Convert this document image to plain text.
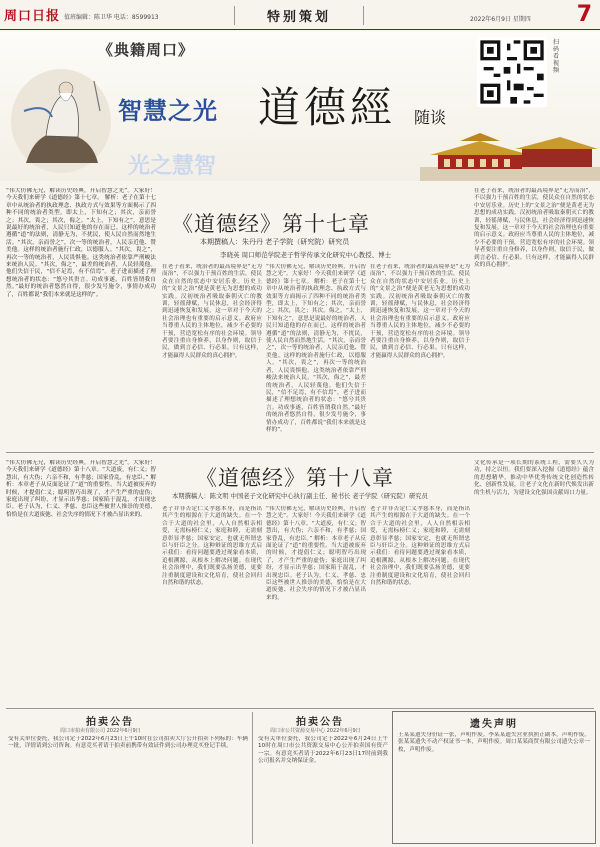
周口日报 值班编辑：陈卫华 电话：8599913	特别策划	2022年6月9日 星期四 7
《典籍周口》
智慧之光 道德經 随谈
光之慧智
扫码看视频
《道德经》第十七章
本期撰稿人：朱丹丹 老子学院（研究院）研究员
李晓英 周口师范学院老子哲学传承文化研究中心教授、博士
“伟大仿佛无兄，解读历史经典，开启智慧之光”。大家好！今天我们来研学《道德经》第十七章。 解析：老子在第十七章中从统治者的执政理念、执政方式与效果等方面揭示了四种不同的统治者类型，即太上，下知有之；其次，亲而誉之；其次，畏之；其次，侮之。“太上，下知有之”，意思是说最好的统治者，人民只知道他的存在而已。这样的统治者遵循“道”的法则，清静无为，不扰民，使人民自然而然地生活。“其次，亲而誉之”，次一等的统治者，人民亲近他、赞美他。这样的统治者施行仁政，以德服人。“其次，畏之”，再次一等的统治者，人民畏惧他。这类统治者依靠严刑峻法来统治人民。“其次，侮之”，最差的统治者，人民轻蔑他。他们失信于民，“信不足焉，有不信焉”。老子进而描述了理想统治者的状态：“悠兮其贵言。功成事遂，百姓皆谓我自然。”最好的统治者悠然自得，很少发号施令，事情办成功了，百姓都说“我们本来就是这样的”。
在老子看来，统治者的最高境界是“无为而治”，不以强力干预百姓的生活，使民众在自然的状态中安居乐业。历史上的“文景之治”便是黄老无为思想的成功实践。汉初统治者吸取秦朝灭亡的教训，轻徭薄赋，与民休息，社会经济得到迅速恢复和发展。这一章对于今天的社会治理也有重要的启示意义。政府应当尊重人民的主体地位，减少不必要的干预，营造宽松有序的社会环境。领导者要注重自身修养，以身作则，取信于民，做到言必信、行必果。只有这样，才能赢得人民群众的真心拥护。
“伟大仿佛无兄，解读历史经典，开启智慧之光”。大家好！今天我们来研学《道德经》第十七章。 解析：老子在第十七章中从统治者的执政理念、执政方式与效果等方面揭示了四种不同的统治者类型，即太上，下知有之；其次，亲而誉之；其次，畏之；其次，侮之。“太上，下知有之”，意思是说最好的统治者，人民只知道他的存在而已。这样的统治者遵循“道”的法则，清静无为，不扰民，使人民自然而然地生活。“其次，亲而誉之”，次一等的统治者，人民亲近他、赞美他。这样的统治者施行仁政，以德服人。“其次，畏之”，再次一等的统治者，人民畏惧他。这类统治者依靠严刑峻法来统治人民。“其次，侮之”，最差的统治者，人民轻蔑他。他们失信于民，“信不足焉，有不信焉”。老子进而描述了理想统治者的状态：“悠兮其贵言。功成事遂，百姓皆谓我自然。”最好的统治者悠然自得，很少发号施令，事情办成功了，百姓都说“我们本来就是这样的”。
在老子看来，统治者的最高境界是“无为而治”，不以强力干预百姓的生活，使民众在自然的状态中安居乐业。历史上的“文景之治”便是黄老无为思想的成功实践。汉初统治者吸取秦朝灭亡的教训，轻徭薄赋，与民休息，社会经济得到迅速恢复和发展。这一章对于今天的社会治理也有重要的启示意义。政府应当尊重人民的主体地位，减少不必要的干预，营造宽松有序的社会环境。领导者要注重自身修养，以身作则，取信于民，做到言必信、行必果。只有这样，才能赢得人民群众的真心拥护。
在老子看来，统治者的最高境界是“无为而治”，不以强力干预百姓的生活，使民众在自然的状态中安居乐业。历史上的“文景之治”便是黄老无为思想的成功实践。汉初统治者吸取秦朝灭亡的教训，轻徭薄赋，与民休息，社会经济得到迅速恢复和发展。这一章对于今天的社会治理也有重要的启示意义。政府应当尊重人民的主体地位，减少不必要的干预，营造宽松有序的社会环境。领导者要注重自身修养，以身作则，取信于民，做到言必信、行必果。只有这样，才能赢得人民群众的真心拥护。
《道德经》第十八章
本期撰稿人：陈文明 中国老子文化研究中心执行副主任、秘书长 老子学院（研究院）研究员
“伟大仿佛无兄，解读历史经典，开启智慧之光”。大家好！今天我们来研学《道德经》第十八章。“大道废，有仁义；智慧出，有大伪；六亲不和，有孝慈；国家昏乱，有忠臣。” 解析：本章老子从反面论证了“道”的重要性。当大道被废弃的时候，才提倡仁义；聪明智巧出现了，才产生严重的虚伪；家庭出现了纠纷，才显示出孝慈；国家陷于混乱，才出现忠臣。老子认为，仁义、孝慈、忠臣这些被世人推崇的美德，恰恰是在大道废弛、社会失序的情况下才被凸显出来的。
老子并非否定仁义孝慈本身，而是指出其产生的根源在于大道的缺失。在一个合于大道的社会里，人人自然相亲相爱，无需标榜仁义；家庭和睦，无需刻意彰显孝慈；国家安定，也就无所谓忠臣与奸臣之分。这种辩证的思维方式启示我们：看待问题要透过现象看本质，追根溯源，从根本上解决问题。在现代社会治理中，我们既要弘扬美德，更要注重制度建设和文化培育，使社会回归自然和谐的状态。
“伟大仿佛无兄，解读历史经典，开启智慧之光”。大家好！今天我们来研学《道德经》第十八章。“大道废，有仁义；智慧出，有大伪；六亲不和，有孝慈；国家昏乱，有忠臣。” 解析：本章老子从反面论证了“道”的重要性。当大道被废弃的时候，才提倡仁义；聪明智巧出现了，才产生严重的虚伪；家庭出现了纠纷，才显示出孝慈；国家陷于混乱，才出现忠臣。老子认为，仁义、孝慈、忠臣这些被世人推崇的美德，恰恰是在大道废弛、社会失序的情况下才被凸显出来的。
老子并非否定仁义孝慈本身，而是指出其产生的根源在于大道的缺失。在一个合于大道的社会里，人人自然相亲相爱，无需标榜仁义；家庭和睦，无需刻意彰显孝慈；国家安定，也就无所谓忠臣与奸臣之分。这种辩证的思维方式启示我们：看待问题要透过现象看本质，追根溯源，从根本上解决问题。在现代社会治理中，我们既要弘扬美德，更要注重制度建设和文化培育，使社会回归自然和谐的状态。
文化传承是一项长期的系统工程，需要久久为功，持之以恒。我们要深入挖掘《道德经》蕴含的思想精华，推动中华优秀传统文化创造性转化、创新性发展，让老子文化在新时代焕发出新的生机与活力，为建设文化强国贡献周口力量。
拍卖公告
周口市拍卖有限公司 2022年6月9日
受有关单位委托，我公司定于2022年6月23日上午10时在公司拍卖大厅公开拍卖下列标的：车辆一批，详情请到公司咨询。有意竞买者请于拍卖前携带有效证件到公司办理竞买登记手续。
拍卖公告
周口市公共资源交易中心 2022年6月9日
受有关单位委托，我公司定于2022年6月24日上午10时在周口市公共资源交易中心公开拍卖国有资产一宗。有意竞买者请于2022年6月23日17时前到我公司报名并交纳保证金。
遗失声明
王某某遗失身份证一张，声明作废。李某某遗失营业执照正副本，声明作废。张某某遗失不动产权证书一本，声明作废。周口某某商贸有限公司遗失公章一枚，声明作废。
